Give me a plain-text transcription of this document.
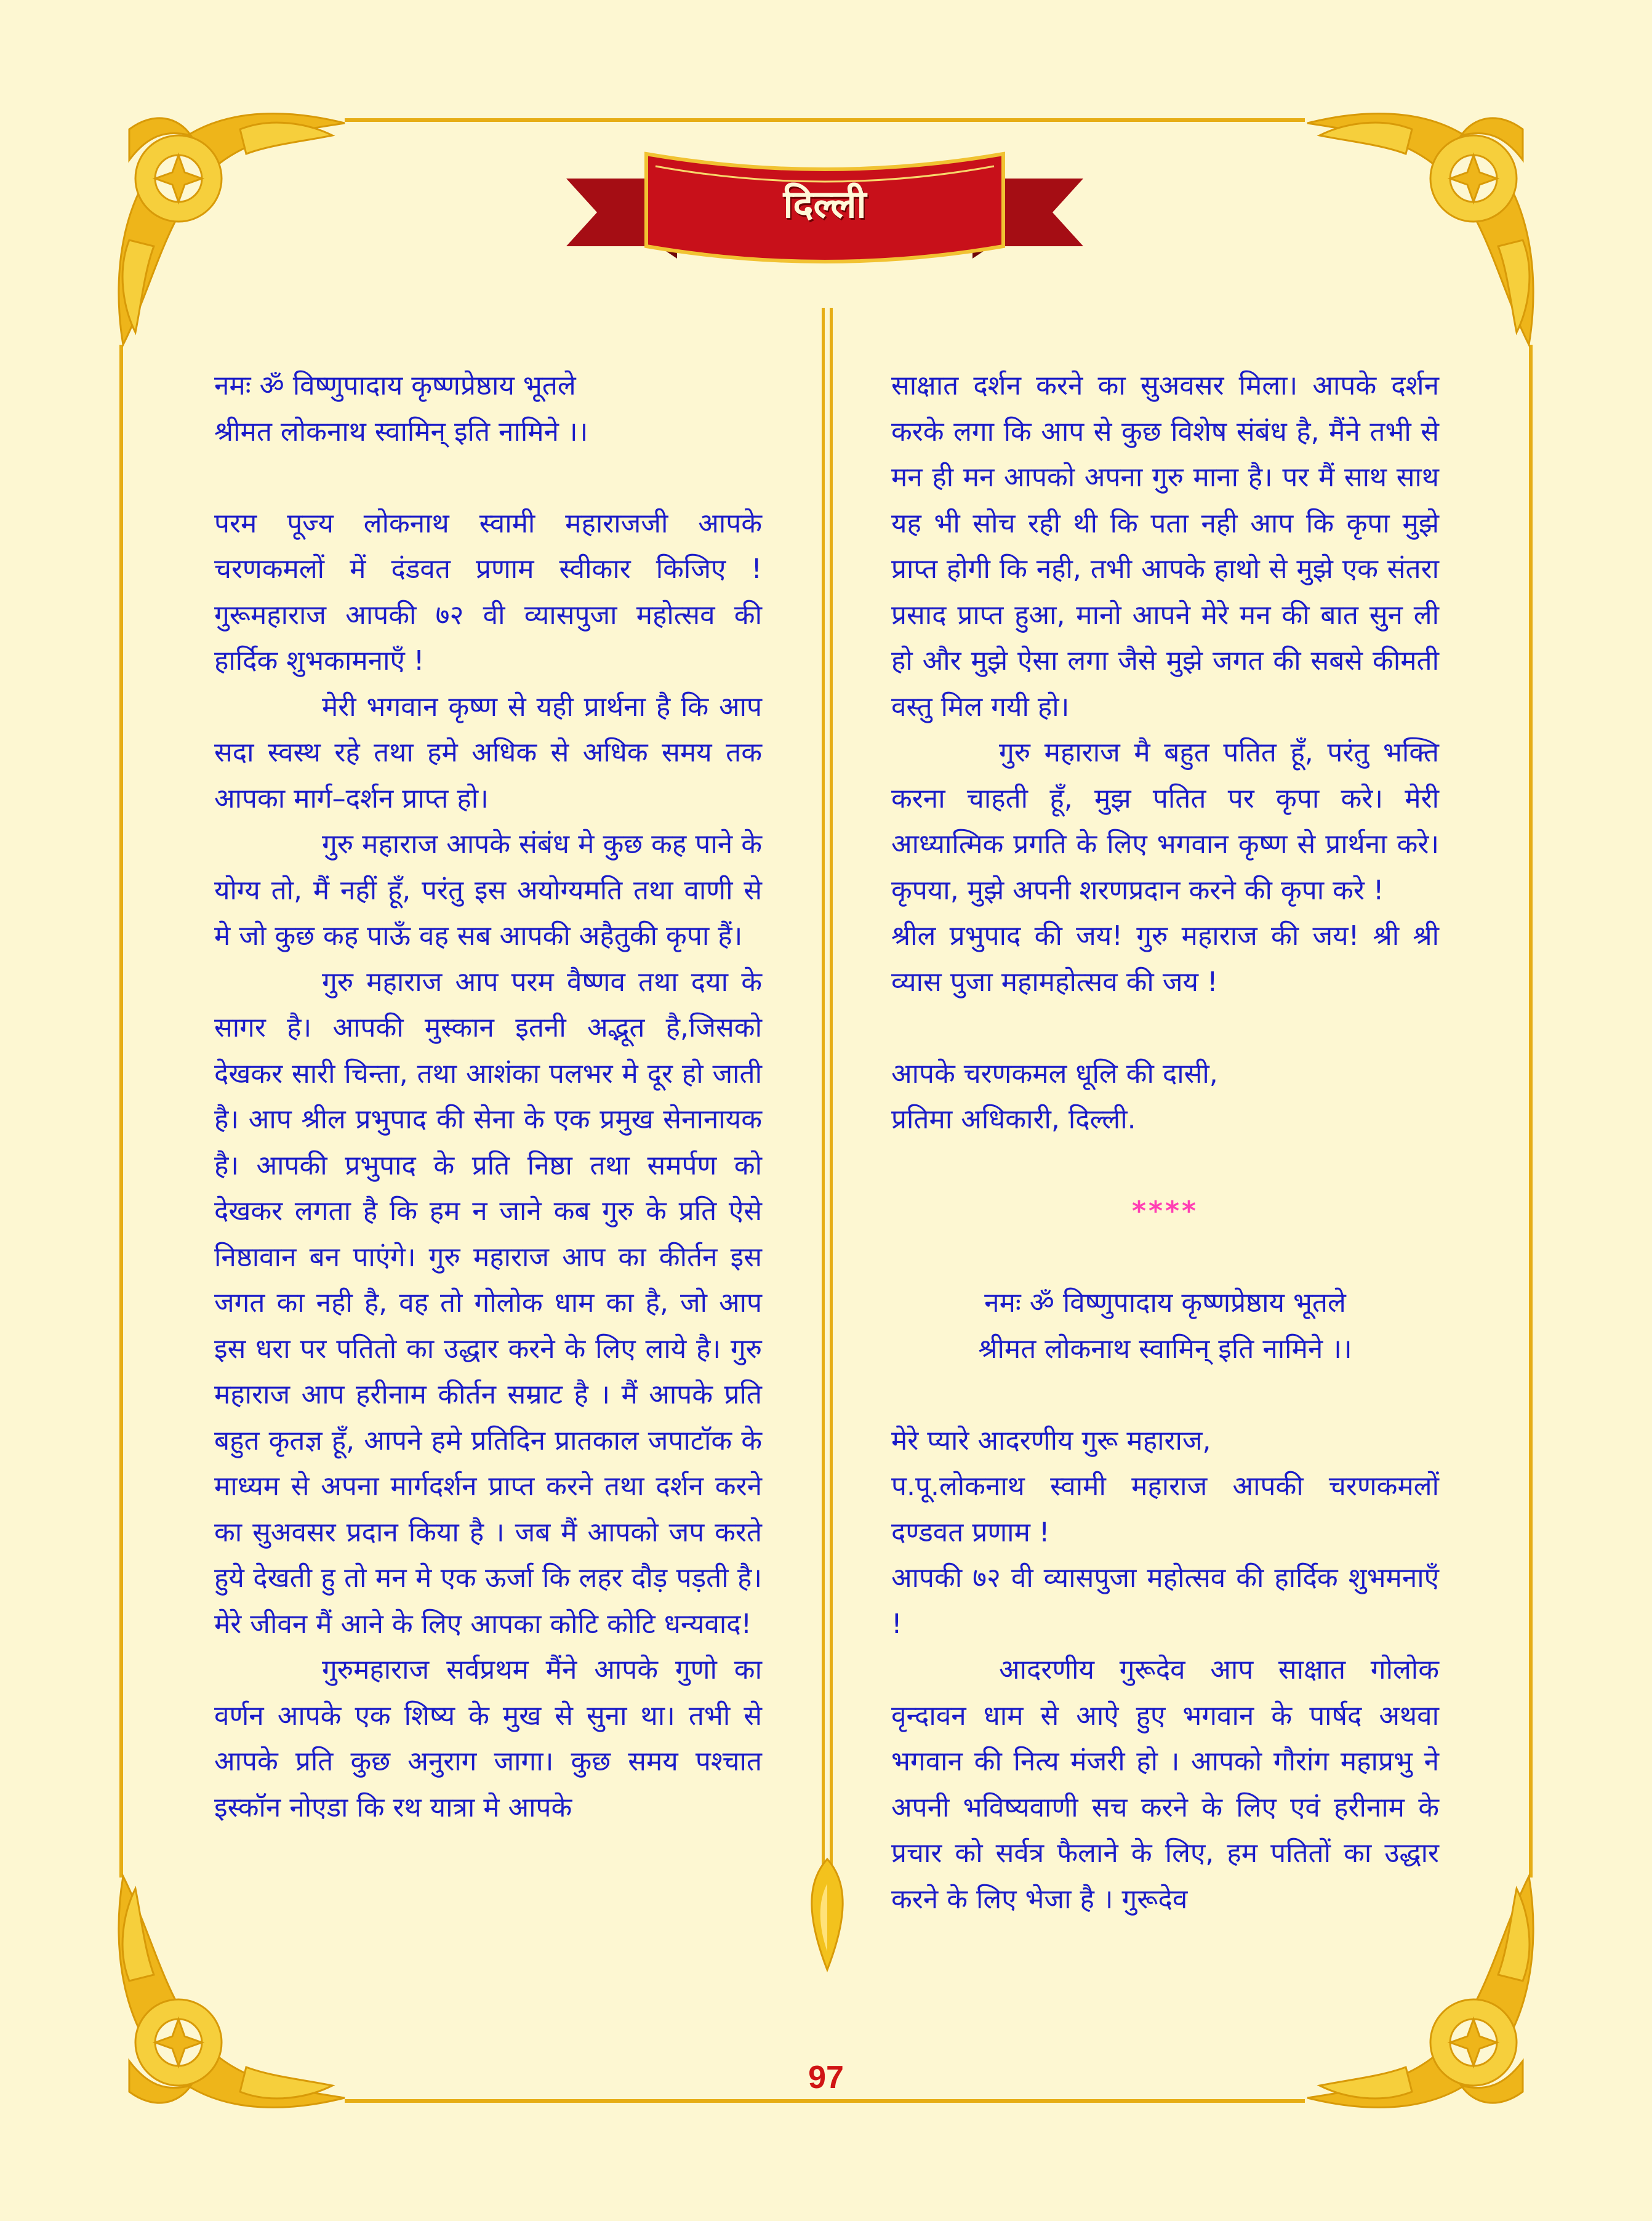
दिल्ली

नमः ॐ विष्णुपादाय कृष्णप्रेष्ठाय भूतले

श्रीमत लोकनाथ स्वामिन् इति नामिने ।।

परम पूज्य लोकनाथ स्वामी महाराजजी आपके चरणकमलों में दंडवत प्रणाम स्वीकार किजिए ! गुरूमहाराज आपकी ७२ वी व्यासपुजा महोत्सव की हार्दिक शुभकामनाएँ !

मेरी भगवान कृष्ण से यही प्रार्थना है कि आप सदा स्वस्थ रहे तथा हमे अधिक से अधिक समय तक आपका मार्ग–दर्शन प्राप्त हो।

गुरु महाराज आपके संबंध मे कुछ कह पाने के योग्य तो, मैं नहीं हूँ, परंतु इस अयोग्यमति तथा वाणी से मे जो कुछ कह पाऊँ वह सब आपकी अहैतुकी कृपा हैं।

गुरु महाराज आप परम वैष्णव तथा दया के सागर है। आपकी मुस्कान इतनी अद्भूत है,जिसको देखकर सारी चिन्ता, तथा आशंका पलभर मे दूर हो जाती है। आप श्रील प्रभुपाद की सेना के एक प्रमुख सेनानायक है। आपकी प्रभुपाद के प्रति निष्ठा तथा समर्पण को देखकर लगता है कि हम न जाने कब गुरु के प्रति ऐसे निष्ठावान बन पाएंगे। गुरु महाराज आप का कीर्तन इस जगत का नही है, वह तो गोलोक धाम का है, जो आप इस धरा पर पतितो का उद्धार करने के लिए लाये है। गुरु महाराज आप हरीनाम कीर्तन सम्राट है । मैं आपके प्रति बहुत कृतज्ञ हूँ, आपने हमे प्रतिदिन प्रातकाल जपाटॉक के माध्यम से अपना मार्गदर्शन प्राप्त करने तथा दर्शन करने का सुअवसर प्रदान किया है । जब मैं आपको जप करते हुये देखती हु तो मन मे एक ऊर्जा कि लहर दौड़ पड़ती है। मेरे जीवन मैं आने के लिए आपका कोटि कोटि धन्यवाद!

गुरुमहाराज सर्वप्रथम मैंने आपके गुणो का वर्णन आपके एक शिष्य के मुख से सुना था। तभी से आपके प्रति कुछ अनुराग जागा। कुछ समय पश्चात इस्कॉन नोएडा कि रथ यात्रा मे आपके

साक्षात दर्शन करने का सुअवसर मिला। आपके दर्शन करके लगा कि आप से कुछ विशेष संबंध है, मैंने तभी से मन ही मन आपको अपना गुरु माना है। पर मैं साथ साथ यह भी सोच रही थी कि पता नही आप कि कृपा मुझे प्राप्त होगी कि नही, तभी आपके हाथो से मुझे एक संतरा प्रसाद प्राप्त हुआ, मानो आपने मेरे मन की बात सुन ली हो और मुझे ऐसा लगा जैसे मुझे जगत की सबसे कीमती वस्तु मिल गयी हो।

गुरु महाराज मै बहुत पतित हूँ, परंतु भक्ति करना चाहती हूँ, मुझ पतित पर कृपा करे। मेरी आध्यात्मिक प्रगति के लिए भगवान कृष्ण से प्रार्थना करे। कृपया, मुझे अपनी शरणप्रदान करने की कृपा करे !

श्रील प्रभुपाद की जय! गुरु महाराज की जय! श्री श्री व्यास पुजा महामहोत्सव की जय !

आपके चरणकमल धूलि की दासी,

प्रतिमा अधिकारी, दिल्ली.

****

नमः ॐ विष्णुपादाय कृष्णप्रेष्ठाय भूतले

श्रीमत लोकनाथ स्वामिन् इति नामिने ।।

मेरे प्यारे आदरणीय गुरू महाराज,

प.पू.लोकनाथ स्वामी महाराज आपकी चरणकमलों दण्डवत प्रणाम !

आपकी ७२ वी व्यासपुजा महोत्सव की हार्दिक शुभमनाएँ !

आदरणीय गुरूदेव आप साक्षात गोलोक वृन्दावन धाम से आऐ हुए भगवान के पार्षद अथवा भगवान की नित्य मंजरी हो । आपको गौरांग महाप्रभु ने अपनी भविष्यवाणी सच करने के लिए एवं हरीनाम के प्रचार को सर्वत्र फैलाने के लिए, हम पतितों का उद्धार करने के लिए भेजा है । गुरूदेव

97
